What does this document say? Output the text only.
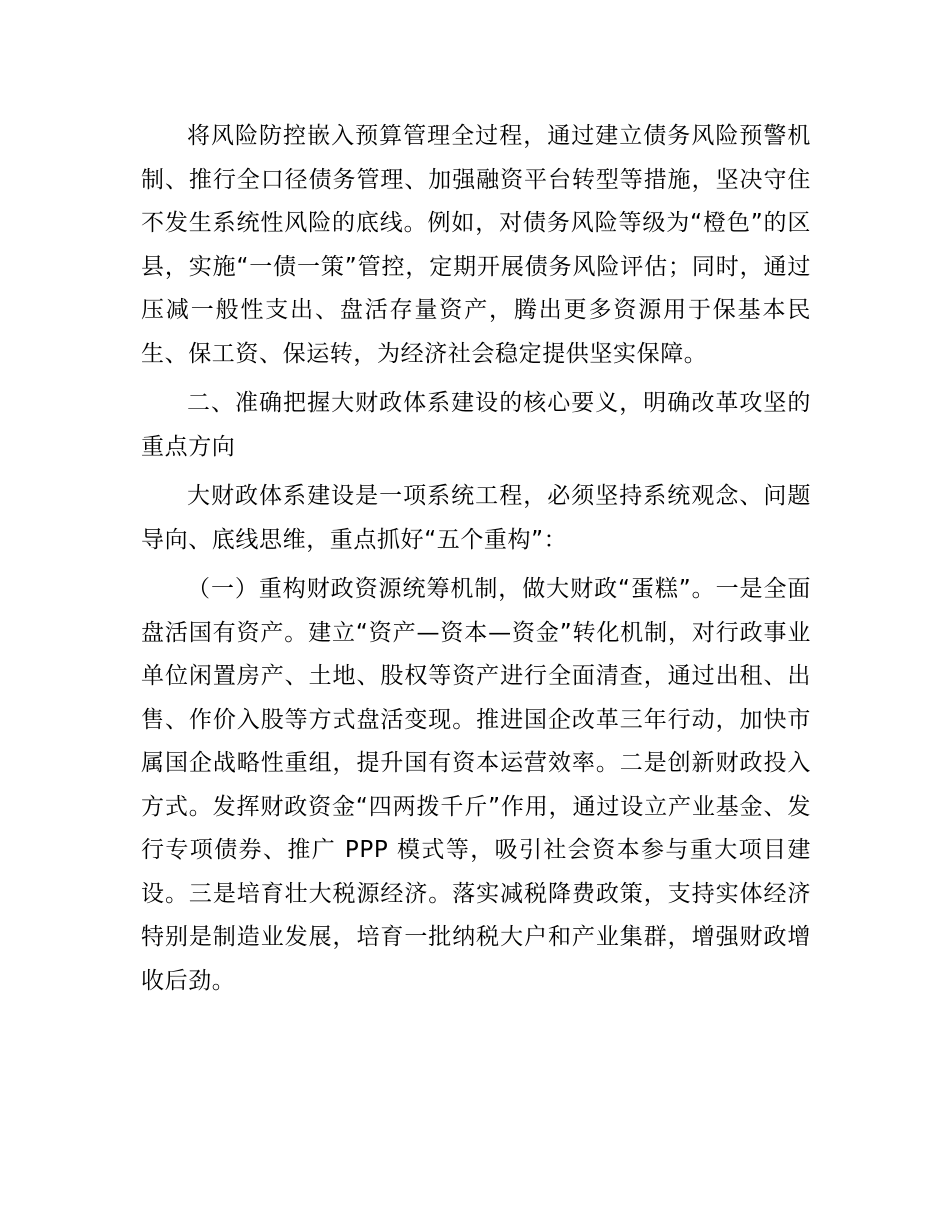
将风险防控嵌入预算管理全过程，通过建立债务风险预警机制、推行全口径债务管理、加强融资平台转型等措施，坚决守住不发生系统性风险的底线。例如，对债务风险等级为“橙色”的区县，实施“一债一策”管控，定期开展债务风险评估；同时，通过压减一般性支出、盘活存量资产，腾出更多资源用于保基本民生、保工资、保运转，为经济社会稳定提供坚实保障。

二、准确把握大财政体系建设的核心要义，明确改革攻坚的重点方向

大财政体系建设是一项系统工程，必须坚持系统观念、问题导向、底线思维，重点抓好“五个重构”：

（一）重构财政资源统筹机制，做大财政“蛋糕”。一是全面盘活国有资产。建立“资产—资本—资金”转化机制，对行政事业单位闲置房产、土地、股权等资产进行全面清查，通过出租、出售、作价入股等方式盘活变现。推进国企改革三年行动，加快市属国企战略性重组，提升国有资本运营效率。二是创新财政投入方式。发挥财政资金“四两拨千斤”作用，通过设立产业基金、发行专项债券、推广 PPP 模式等，吸引社会资本参与重大项目建设。三是培育壮大税源经济。落实减税降费政策，支持实体经济特别是制造业发展，培育一批纳税大户和产业集群，增强财政增收后劲。
